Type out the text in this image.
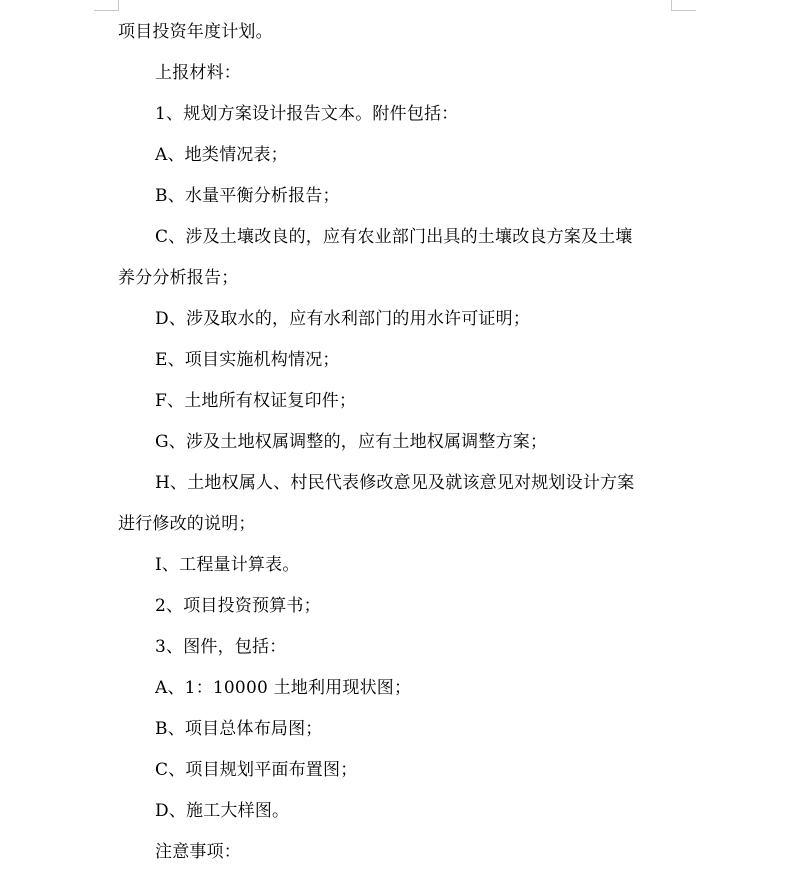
项目投资年度计划。
上报材料：
1、规划方案设计报告文本。附件包括：
A、地类情况表；
B、水量平衡分析报告；
C、涉及土壤改良的，应有农业部门出具的土壤改良方案及土壤
养分分析报告；
D、涉及取水的，应有水利部门的用水许可证明；
E、项目实施机构情况；
F、土地所有权证复印件；
G、涉及土地权属调整的，应有土地权属调整方案；
H、土地权属人、村民代表修改意见及就该意见对规划设计方案
进行修改的说明；
I、工程量计算表。
2、项目投资预算书；
3、图件，包括：
A、1：10000 土地利用现状图；
B、项目总体布局图；
C、项目规划平面布置图；
D、施工大样图。
注意事项：
